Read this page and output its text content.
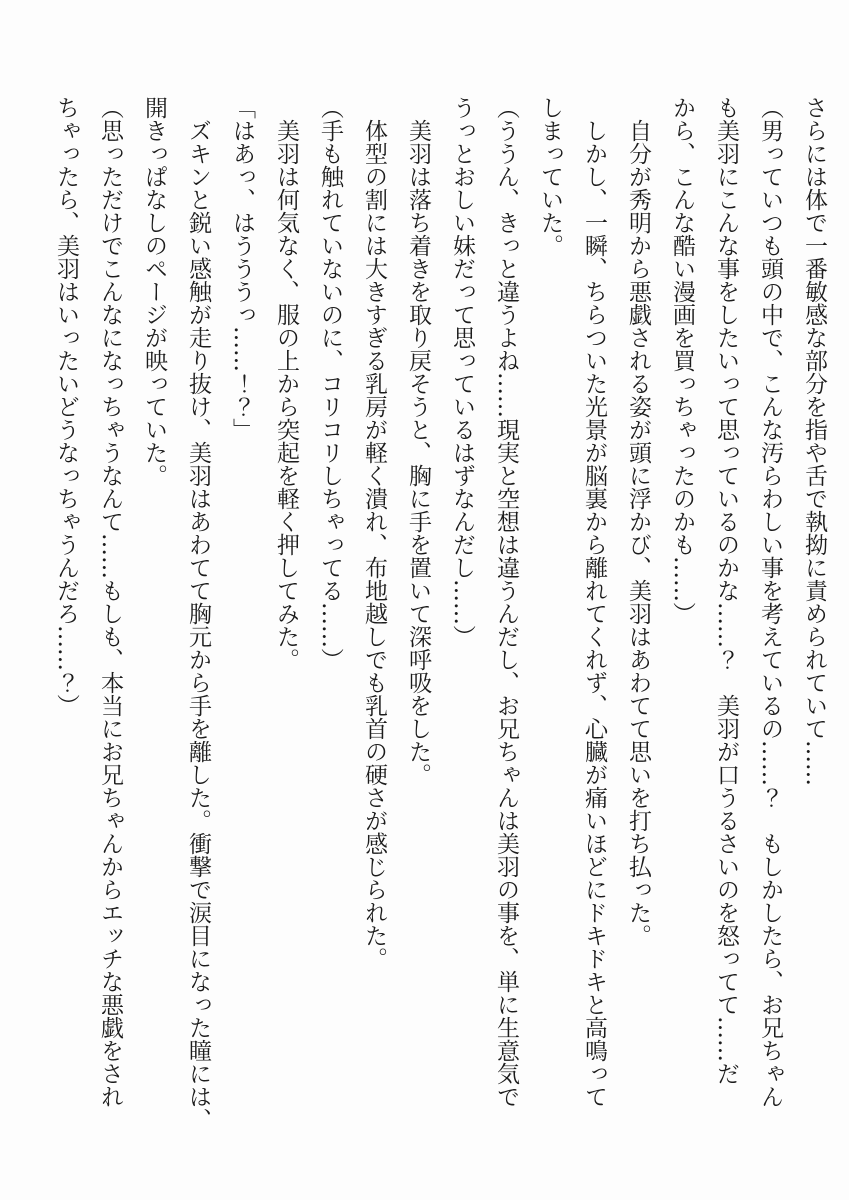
さらには体で一番敏感な部分を指や舌で執拗に責められていて……

（男っていつも頭の中で、こんな汚らわしい事を考えているの……？　もしかしたら、お兄ちゃん

も美羽にこんな事をしたいって思っているのかな……？　美羽が口うるさいのを怒ってて……だ

から、こんな酷い漫画を買っちゃったのかも……）

自分が秀明から悪戯される姿が頭に浮かび、美羽はあわてて思いを打ち払った。

しかし、一瞬、ちらついた光景が脳裏から離れてくれず、心臓が痛いほどにドキドキと高鳴って

しまっていた。

（ううん、きっと違うよね……現実と空想は違うんだし、お兄ちゃんは美羽の事を、単に生意気で

うっとおしい妹だって思っているはずなんだし……）

美羽は落ち着きを取り戻そうと、胸に手を置いて深呼吸をした。

体型の割には大きすぎる乳房が軽く潰れ、布地越しでも乳首の硬さが感じられた。

（手も触れていないのに、コリコリしちゃってる……）

美羽は何気なく、服の上から突起を軽く押してみた。

「はあっ、はうううっ……！？」

ズキンと鋭い感触が走り抜け、美羽はあわてて胸元から手を離した。衝撃で涙目になった瞳には、

開きっぱなしのページが映っていた。

（思っただけでこんなになっちゃうなんて……もしも、本当にお兄ちゃんからエッチな悪戯をされ

ちゃったら、美羽はいったいどうなっちゃうんだろ……？）
